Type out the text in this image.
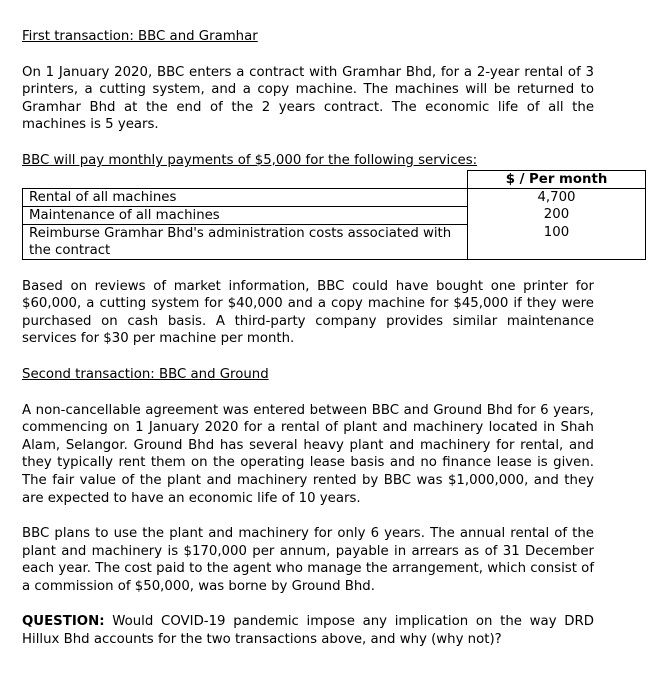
First transaction: BBC and Gramhar

On 1 January 2020, BBC enters a contract with Gramhar Bhd, for a 2-year rental of 3 printers, a cutting system, and a copy machine. The machines will be returned to Gramhar Bhd at the end of the 2 years contract. The economic life of all the machines is 5 years.

BBC will pay monthly payments of $5,000 for the following services:

	$ / Per month
Rental of all machines	4,700
Maintenance of all machines	200
Reimburse Gramhar Bhd's administration costs associated with the contract	100

Based on reviews of market information, BBC could have bought one printer for $60,000, a cutting system for $40,000 and a copy machine for $45,000 if they were purchased on cash basis. A third-party company provides similar maintenance services for $30 per machine per month.

Second transaction: BBC and Ground

A non-cancellable agreement was entered between BBC and Ground Bhd for 6 years, commencing on 1 January 2020 for a rental of plant and machinery located in Shah Alam, Selangor. Ground Bhd has several heavy plant and machinery for rental, and they typically rent them on the operating lease basis and no finance lease is given. The fair value of the plant and machinery rented by BBC was $1,000,000, and they are expected to have an economic life of 10 years.

BBC plans to use the plant and machinery for only 6 years. The annual rental of the plant and machinery is $170,000 per annum, payable in arrears as of 31 December each year. The cost paid to the agent who manage the arrangement, which consist of a commission of $50,000, was borne by Ground Bhd.

QUESTION: Would COVID-19 pandemic impose any implication on the way DRD Hillux Bhd accounts for the two transactions above, and why (why not)?
